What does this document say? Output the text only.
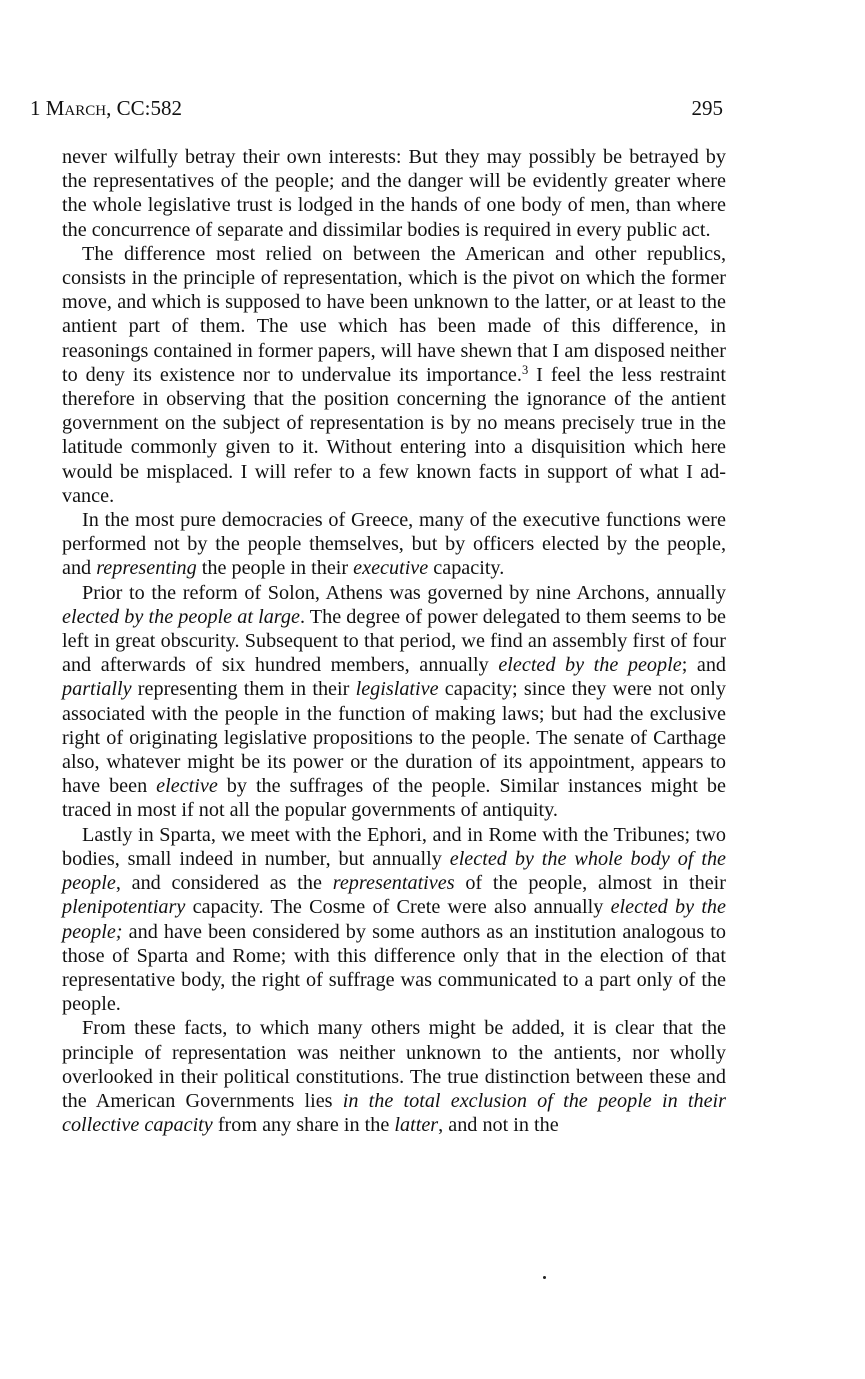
1 March, CC:582	295

never wilfully betray their own interests: But they may possibly be betrayed by the representatives of the people; and the danger will be evidently greater where the whole legislative trust is lodged in the hands of one body of men, than where the concurrence of separate and dissimilar bodies is required in every public act.

The difference most relied on between the American and other republics, consists in the principle of representation, which is the pivot on which the former move, and which is supposed to have been unknown to the latter, or at least to the antient part of them. The use which has been made of this difference, in reasonings contained in former papers, will have shewn that I am disposed neither to deny its existence nor to undervalue its importance.$^3$ I feel the less restraint therefore in observing that the position concerning the ignorance of the antient government on the subject of representation is by no means precisely true in the latitude commonly given to it. Without entering into a disquisition which here would be misplaced. I will refer to a few known facts in support of what I advance.

In the most pure democracies of Greece, many of the executive functions were performed not by the people themselves, but by officers elected by the people, and representing the people in their executive capacity.

Prior to the reform of Solon, Athens was governed by nine Archons, annually elected by the people at large. The degree of power delegated to them seems to be left in great obscurity. Subsequent to that period, we find an assembly first of four and afterwards of six hundred members, annually elected by the people; and partially representing them in their legislative capacity; since they were not only associated with the people in the function of making laws; but had the exclusive right of originating legislative propositions to the people. The senate of Carthage also, whatever might be its power or the duration of its appointment, appears to have been elective by the suffrages of the people. Similar instances might be traced in most if not all the popular governments of antiquity.

Lastly in Sparta, we meet with the Ephori, and in Rome with the Tribunes; two bodies, small indeed in number, but annually elected by the whole body of the people, and considered as the representatives of the people, almost in their plenipotentiary capacity. The Cosme of Crete were also annually elected by the people; and have been considered by some authors as an institution analogous to those of Sparta and Rome; with this difference only that in the election of that representative body, the right of suffrage was communicated to a part only of the people.

From these facts, to which many others might be added, it is clear that the principle of representation was neither unknown to the antients, nor wholly overlooked in their political constitutions. The true distinction between these and the American Governments lies in the total exclusion of the people in their collective capacity from any share in the latter, and not in the
